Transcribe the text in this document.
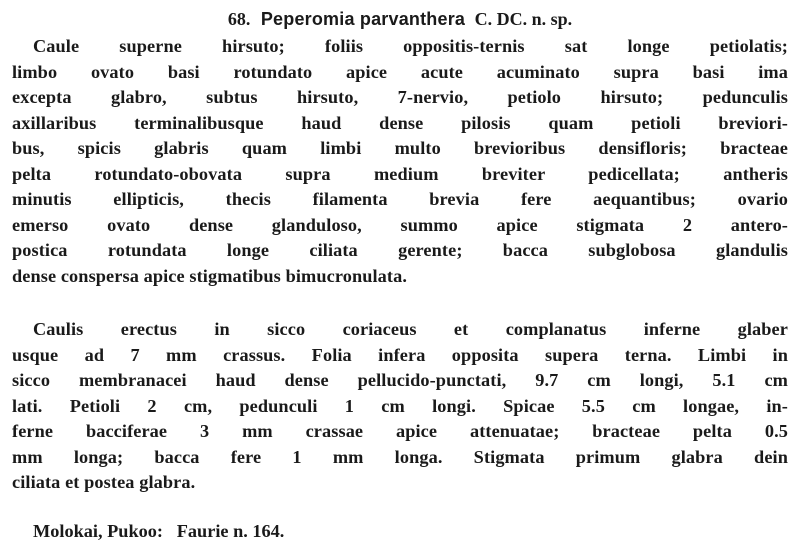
68. Peperomia parvanthera C. DC. n. sp.
Caule superne hirsuto; foliis oppositis-ternis sat longe petiolatis;
limbo ovato basi rotundato apice acute acuminato supra basi ima
excepta glabro, subtus hirsuto, 7-nervio, petiolo hirsuto; pedunculis
axillaribus terminalibusque haud dense pilosis quam petioli breviori-
bus, spicis glabris quam limbi multo brevioribus densifloris; bracteae
pelta rotundato-obovata supra medium breviter pedicellata; antheris
minutis ellipticis, thecis filamenta brevia fere aequantibus; ovario
emerso ovato dense glanduloso, summo apice stigmata 2 antero-
postica rotundata longe ciliata gerente; bacca subglobosa glandulis
dense conspersa apice stigmatibus bimucronulata.
Caulis erectus in sicco coriaceus et complanatus inferne glaber
usque ad 7 mm crassus. Folia infera opposita supera terna. Limbi in
sicco membranacei haud dense pellucido-punctati, 9.7 cm longi, 5.1 cm
lati. Petioli 2 cm, pedunculi 1 cm longi. Spicae 5.5 cm longae, in-
ferne bacciferae 3 mm crassae apice attenuatae; bracteae pelta 0.5
mm longa; bacca fere 1 mm longa. Stigmata primum glabra dein
ciliata et postea glabra.
Molokai, Pukoo:   Faurie n. 164.
